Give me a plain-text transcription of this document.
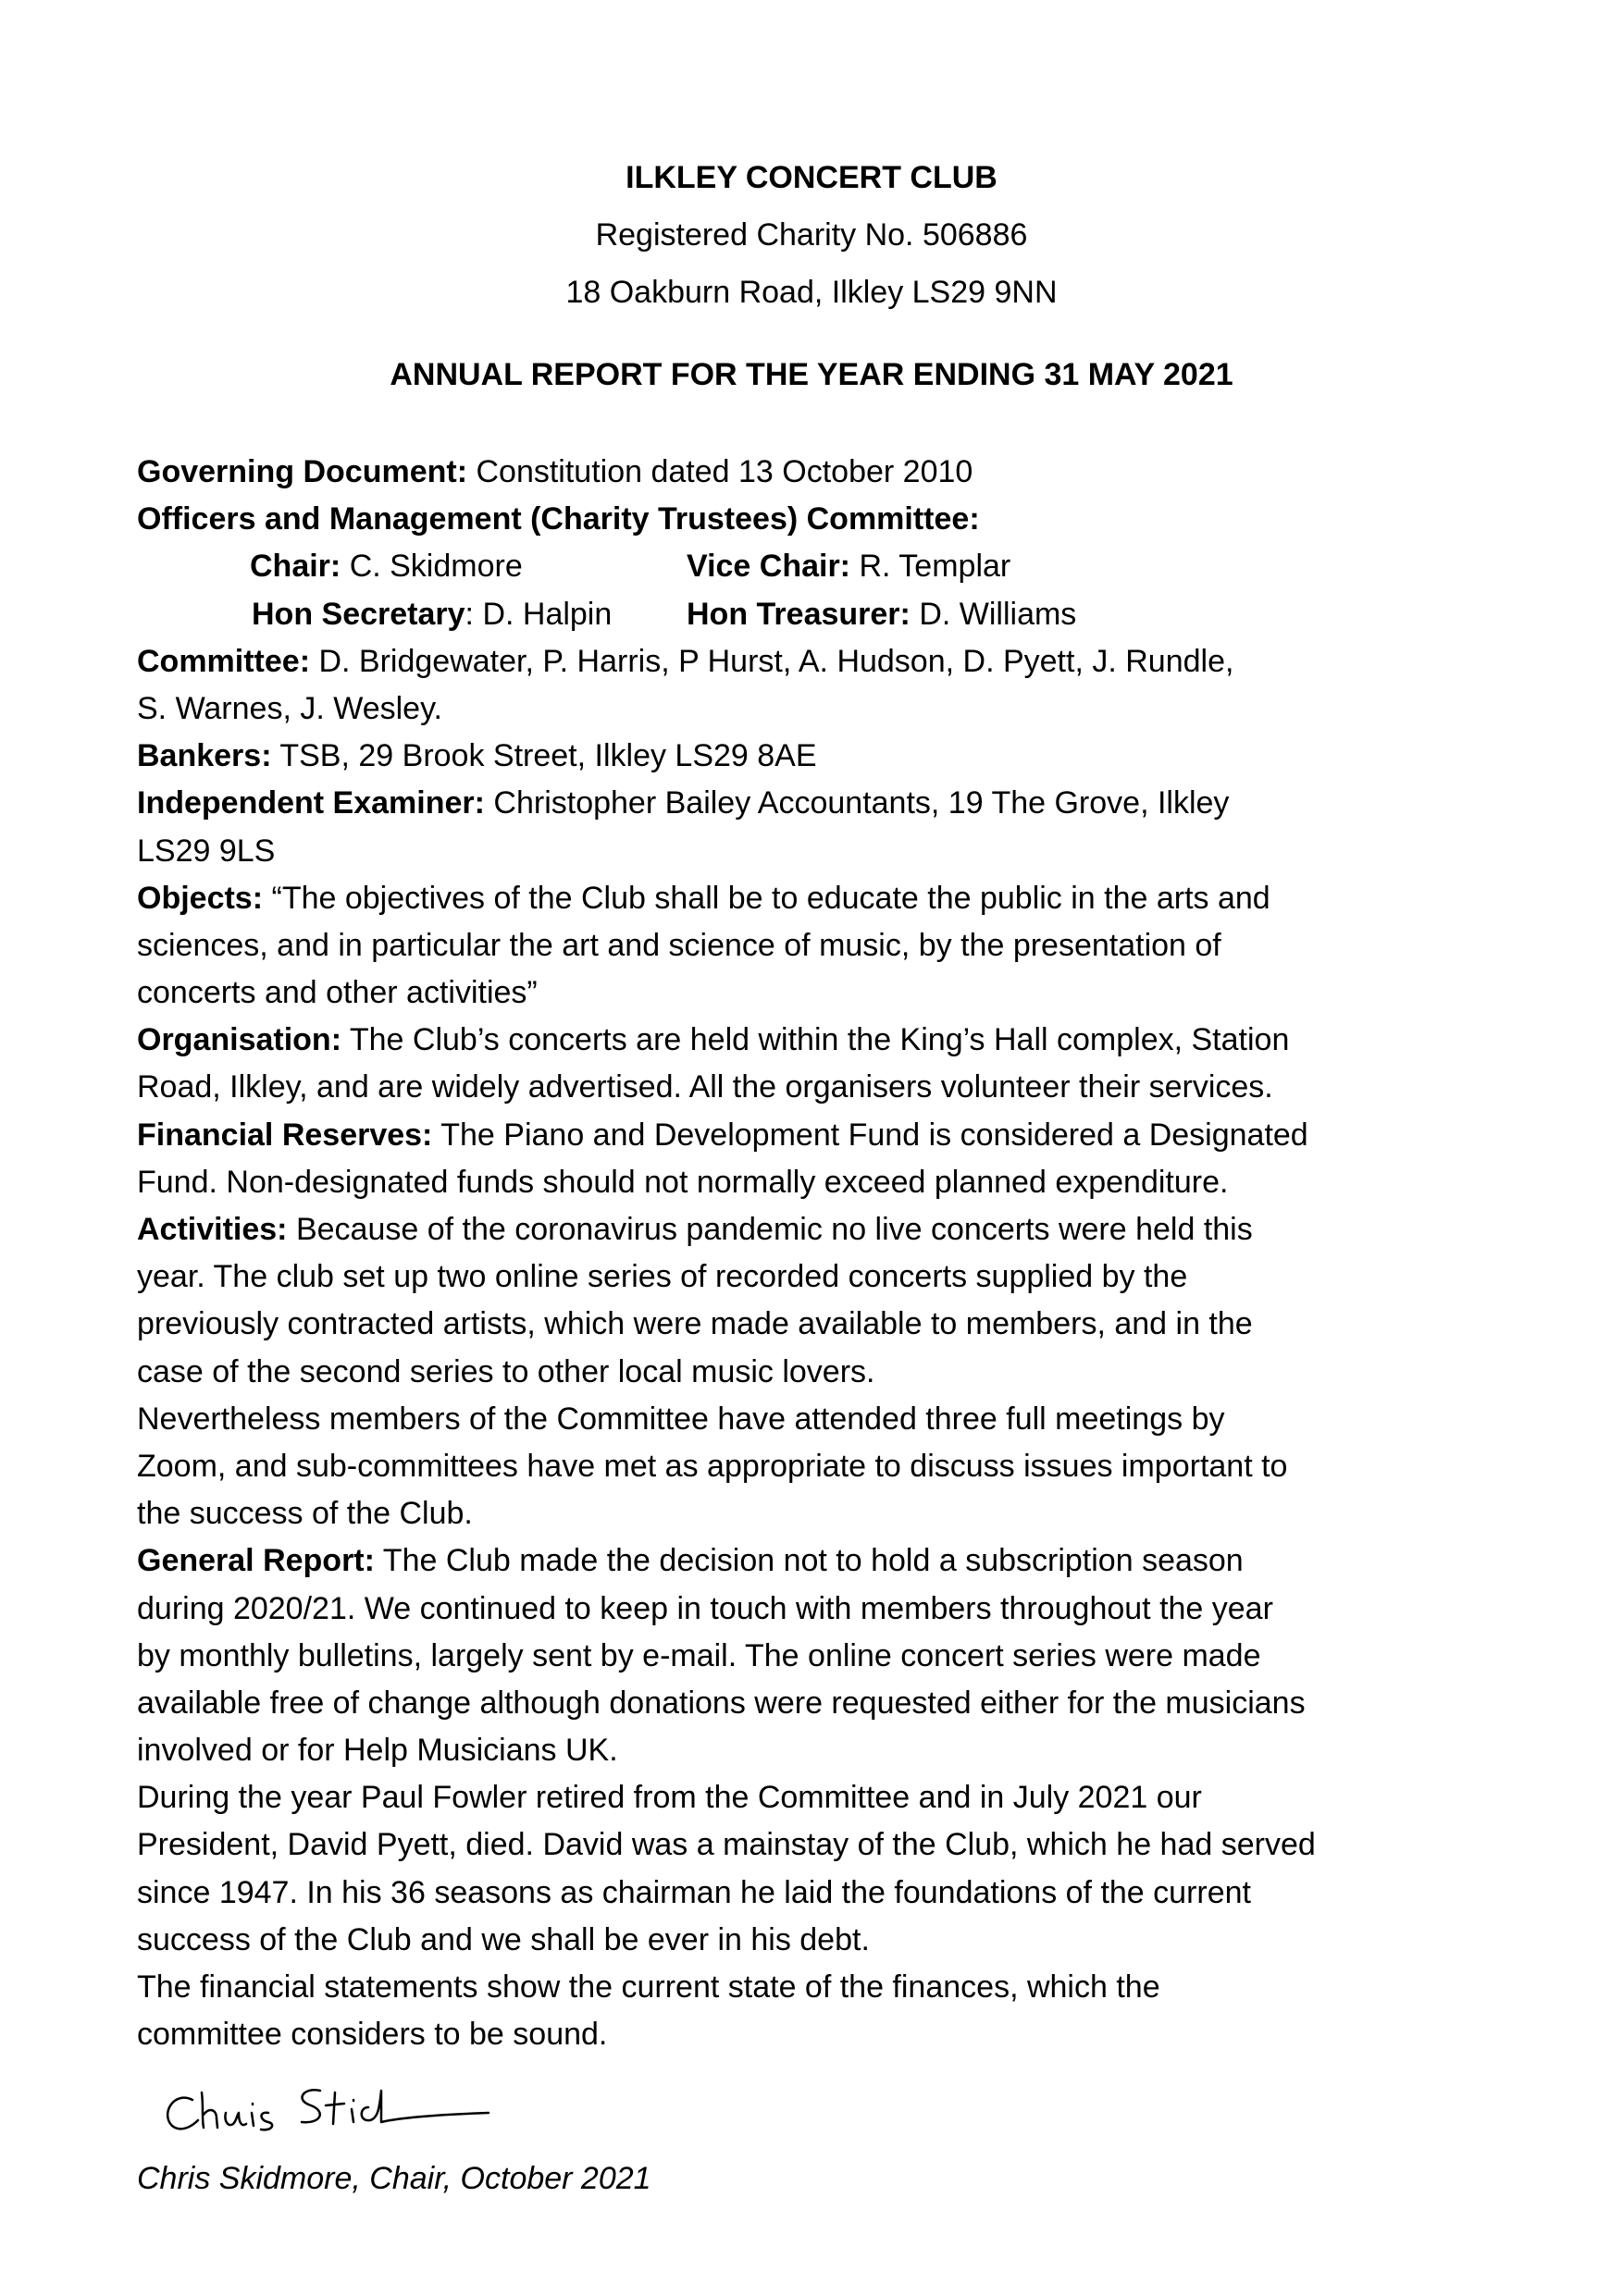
ILKLEY CONCERT CLUB
Registered Charity No. 506886
18 Oakburn Road, Ilkley LS29 9NN
ANNUAL REPORT FOR THE YEAR ENDING 31 MAY 2021
Governing Document: Constitution dated 13 October 2010
Officers and Management (Charity Trustees) Committee:
Chair: C. Skidmore	Vice Chair: R. Templar
Hon Secretary: D. Halpin Hon Treasurer: D. Williams
Committee: D. Bridgewater, P. Harris, P Hurst, A. Hudson, D. Pyett, J. Rundle,
S. Warnes, J. Wesley.
Bankers: TSB, 29 Brook Street, Ilkley LS29 8AE
Independent Examiner: Christopher Bailey Accountants, 19 The Grove, Ilkley
LS29 9LS
Objects: “The objectives of the Club shall be to educate the public in the arts and
sciences, and in particular the art and science of music, by the presentation of
concerts and other activities”
Organisation: The Club’s concerts are held within the King’s Hall complex, Station
Road, Ilkley, and are widely advertised. All the organisers volunteer their services.
Financial Reserves: The Piano and Development Fund is considered a Designated
Fund. Non-designated funds should not normally exceed planned expenditure.
Activities: Because of the coronavirus pandemic no live concerts were held this
year. The club set up two online series of recorded concerts supplied by the
previously contracted artists, which were made available to members, and in the
case of the second series to other local music lovers.
Nevertheless members of the Committee have attended three full meetings by
Zoom, and sub-committees have met as appropriate to discuss issues important to
the success of the Club.
General Report: The Club made the decision not to hold a subscription season
during 2020/21. We continued to keep in touch with members throughout the year
by monthly bulletins, largely sent by e-mail. The online concert series were made
available free of change although donations were requested either for the musicians
involved or for Help Musicians UK.
During the year Paul Fowler retired from the Committee and in July 2021 our
President, David Pyett, died. David was a mainstay of the Club, which he had served
since 1947. In his 36 seasons as chairman he laid the foundations of the current
success of the Club and we shall be ever in his debt.
The financial statements show the current state of the finances, which the
committee considers to be sound.
Chris Skidmore, Chair, October 2021
